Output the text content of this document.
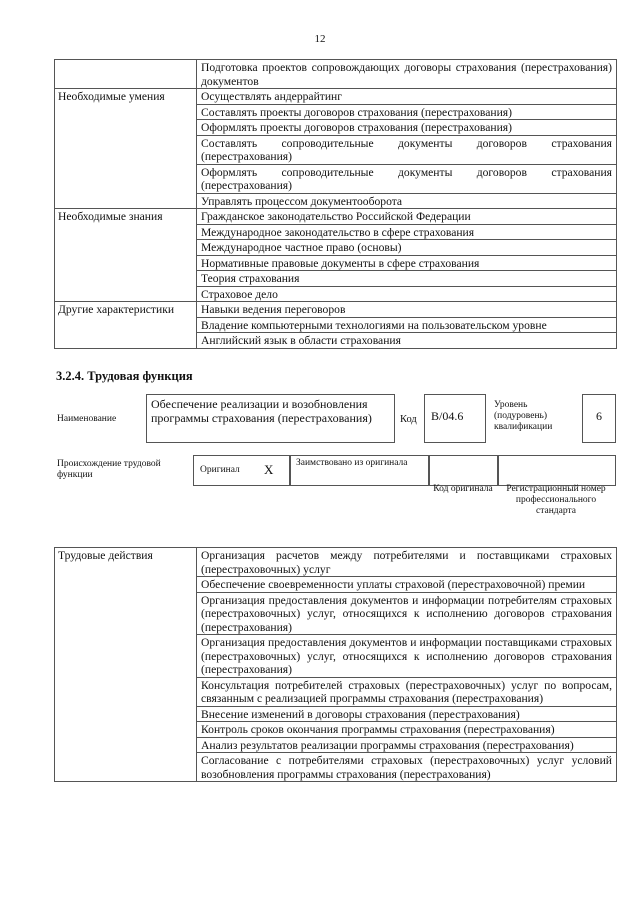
12
	Подготовка проектов сопровождающих договоры страхования (перестрахования) документов
Необходимые умения	Осуществлять андеррайтинг
	Составлять проекты договоров страхования (перестрахования)
	Оформлять проекты договоров страхования (перестрахования)
	Составлять сопроводительные документы договоров страхования (перестрахования)
	Оформлять сопроводительные документы договоров страхования (перестрахования)
	Управлять процессом документооборота
Необходимые знания	Гражданское законодательство Российской Федерации
	Международное законодательство в сфере страхования
	Международное частное право (основы)
	Нормативные правовые документы в сфере страхования
	Теория страхования
	Страховое дело
Другие характеристики	Навыки ведения переговоров
	Владение компьютерными технологиями на пользовательском уровне
	Английский язык в области страхования
3.2.4. Трудовая функция
Наименование
Обеспечение реализации и возобновления программы страхования (перестрахования)	Код	B/04.6
Уровень (подуровень) квалификации
6
Происхождение трудовой функции	Оригинал X	Заимствовано из оригинала
Код оригинала	Регистрационный номер профессионального стандарта
Трудовые действия	Организация расчетов между потребителями и поставщиками страховых (перестраховочных) услуг
Обеспечение своевременности уплаты страховой (перестраховочной) премии
Организация предоставления документов и информации потребителям страховых (перестраховочных) услуг, относящихся к исполнению договоров страхования (перестрахования)
Организация предоставления документов и информации поставщиками страховых (перестраховочных) услуг, относящихся к исполнению договоров страхования (перестрахования)
Консультация потребителей страховых (перестраховочных) услуг по вопросам, связанным с реализацией программы страхования (перестрахования)
Внесение изменений в договоры страхования (перестрахования)
Контроль сроков окончания программы страхования (перестрахования)
Анализ результатов реализации программы страхования (перестрахования)
Согласование с потребителями страховых (перестраховочных) услуг условий возобновления программы страхования (перестрахования)
